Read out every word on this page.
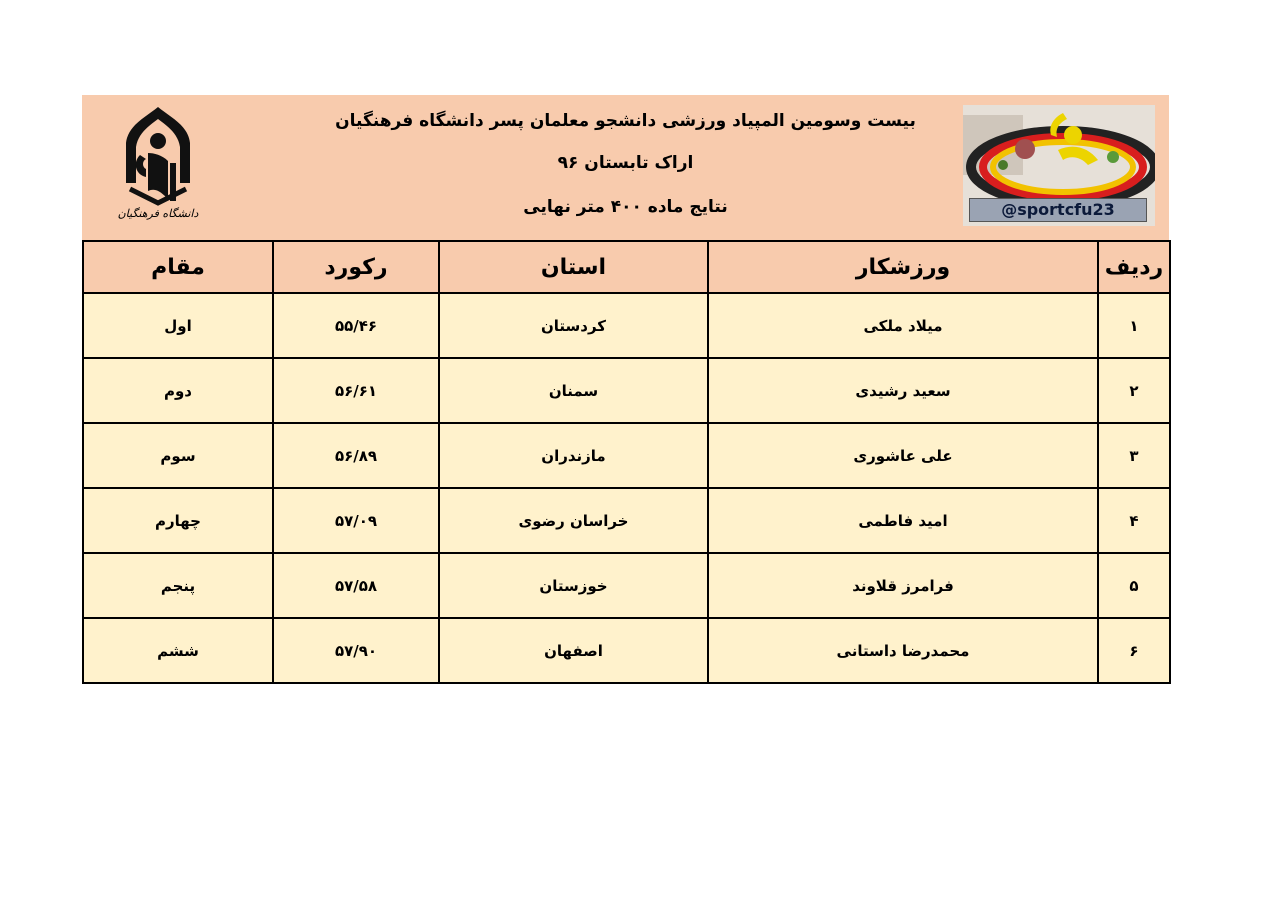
دانشگاه فرهنگیان
بیست وسومین المپیاد ورزشی دانشجو معلمان پسر دانشگاه فرهنگیان
اراک تابستان ۹۶
نتایج ماده ۴۰۰ متر نهایی	@sportcfu23
ردیف	ورزشکار	استان	رکورد	مقام
۱	میلاد ملکی	کردستان	۵۵/۴۶	اول
۲	سعید رشیدی	سمنان	۵۶/۶۱	دوم
۳	علی عاشوری	مازندران	۵۶/۸۹	سوم
۴	امید فاطمی	خراسان رضوی	۵۷/۰۹	چهارم
۵	فرامرز قلاوند	خوزستان	۵۷/۵۸	پنجم
۶	محمدرضا داستانی	اصفهان	۵۷/۹۰	ششم
